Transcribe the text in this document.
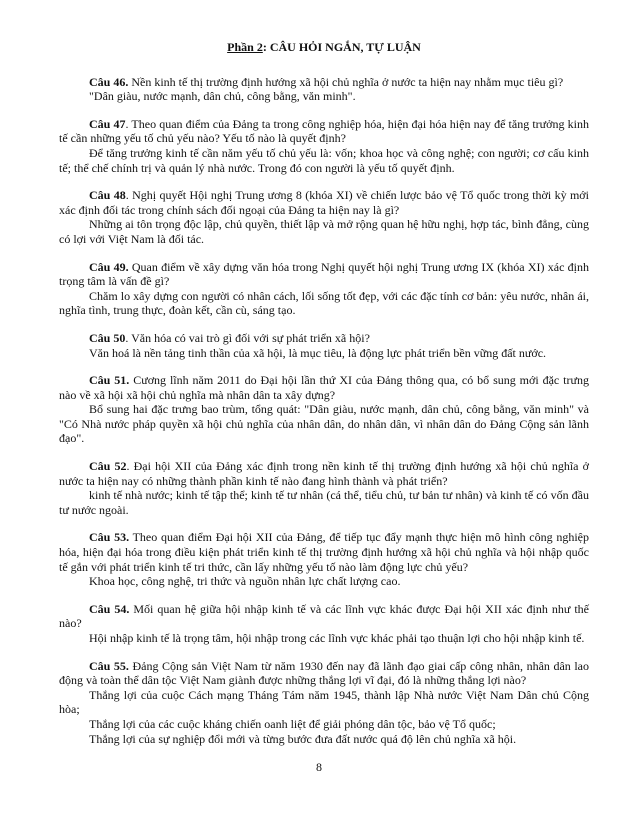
Phần 2: CÂU HỎI NGẮN, TỰ LUẬN

Câu 46. Nền kinh tế thị trường định hướng xã hội chủ nghĩa ở nước ta hiện nay nhằm mục tiêu gì?

"Dân giàu, nước mạnh, dân chủ, công bằng, văn minh".

Câu 47. Theo quan điểm của Đảng ta trong công nghiệp hóa, hiện đại hóa hiện nay để tăng trưởng kinh tế cần những yếu tố chủ yếu nào? Yếu tố nào là quyết định?

Để tăng trưởng kinh tế cần năm yếu tố chủ yếu là: vốn; khoa học và công nghệ; con người; cơ cấu kinh tế; thể chế chính trị và quản lý nhà nước. Trong đó con người là yếu tố quyết định.

Câu 48. Nghị quyết Hội nghị Trung ương 8 (khóa XI) về chiến lược bảo vệ Tổ quốc trong thời kỳ mới xác định đối tác trong chính sách đối ngoại của Đảng ta hiện nay là gì?

Những ai tôn trọng độc lập, chủ quyền, thiết lập và mở rộng quan hệ hữu nghị, hợp tác, bình đẳng, cùng có lợi với Việt Nam là đối tác.

Câu 49. Quan điểm về xây dựng văn hóa trong Nghị quyết hội nghị Trung ương IX (khóa XI) xác định trọng tâm là vấn đề gì?

Chăm lo xây dựng con người có nhân cách, lối sống tốt đẹp, với các đặc tính cơ bản: yêu nước, nhân ái, nghĩa tình, trung thực, đoàn kết, cần cù, sáng tạo.

Câu 50. Văn hóa có vai trò gì đối với sự phát triển xã hội?

Văn hoá là nền tảng tinh thần của xã hội, là mục tiêu, là động lực phát triển bền vững đất nước.

Câu 51. Cương lĩnh năm 2011 do Đại hội lần thứ XI của Đảng thông qua, có bổ sung mới đặc trưng nào về xã hội xã hội chủ nghĩa mà nhân dân ta xây dựng?

Bổ sung hai đặc trưng bao trùm, tổng quát: "Dân giàu, nước mạnh, dân chủ, công bằng, văn minh" và "Có Nhà nước pháp quyền xã hội chủ nghĩa của nhân dân, do nhân dân, vì nhân dân do Đảng Cộng sản lãnh đạo".

Câu 52. Đại hội XII của Đảng xác định trong nền kinh tế thị trường định hướng xã hội chủ nghĩa ở nước ta hiện nay có những thành phần kinh tế nào đang hình thành và phát triển?

kinh tế nhà nước; kinh tế tập thể; kinh tế tư nhân (cá thể, tiểu chủ, tư bản tư nhân) và kinh tế có vốn đầu tư nước ngoài.

Câu 53. Theo quan điểm Đại hội XII của Đảng, để tiếp tục đẩy mạnh thực hiện mô hình công nghiệp hóa, hiện đại hóa trong điều kiện phát triển kinh tế thị trường định hướng xã hội chủ nghĩa và hội nhập quốc tế gắn với phát triển kinh tế tri thức, cần lấy những yếu tố nào làm động lực chủ yếu?

Khoa học, công nghệ, tri thức và nguồn nhân lực chất lượng cao.

Câu 54. Mối quan hệ giữa hội nhập kinh tế và các lĩnh vực khác được Đại hội XII xác định như thế nào?

Hội nhập kinh tế là trọng tâm, hội nhập trong các lĩnh vực khác phải tạo thuận lợi cho hội nhập kinh tế.

Câu 55. Đảng Cộng sản Việt Nam từ năm 1930 đến nay đã lãnh đạo giai cấp công nhân, nhân dân lao động và toàn thể dân tộc Việt Nam giành được những thắng lợi vĩ đại, đó là những thắng lợi nào?

Thắng lợi của cuộc Cách mạng Tháng Tám năm 1945, thành lập Nhà nước Việt Nam Dân chủ Cộng hòa;

Thắng lợi của các cuộc kháng chiến oanh liệt để giải phóng dân tộc, bảo vệ Tổ quốc;

Thắng lợi của sự nghiệp đổi mới và từng bước đưa đất nước quá độ lên chủ nghĩa xã hội.

8
